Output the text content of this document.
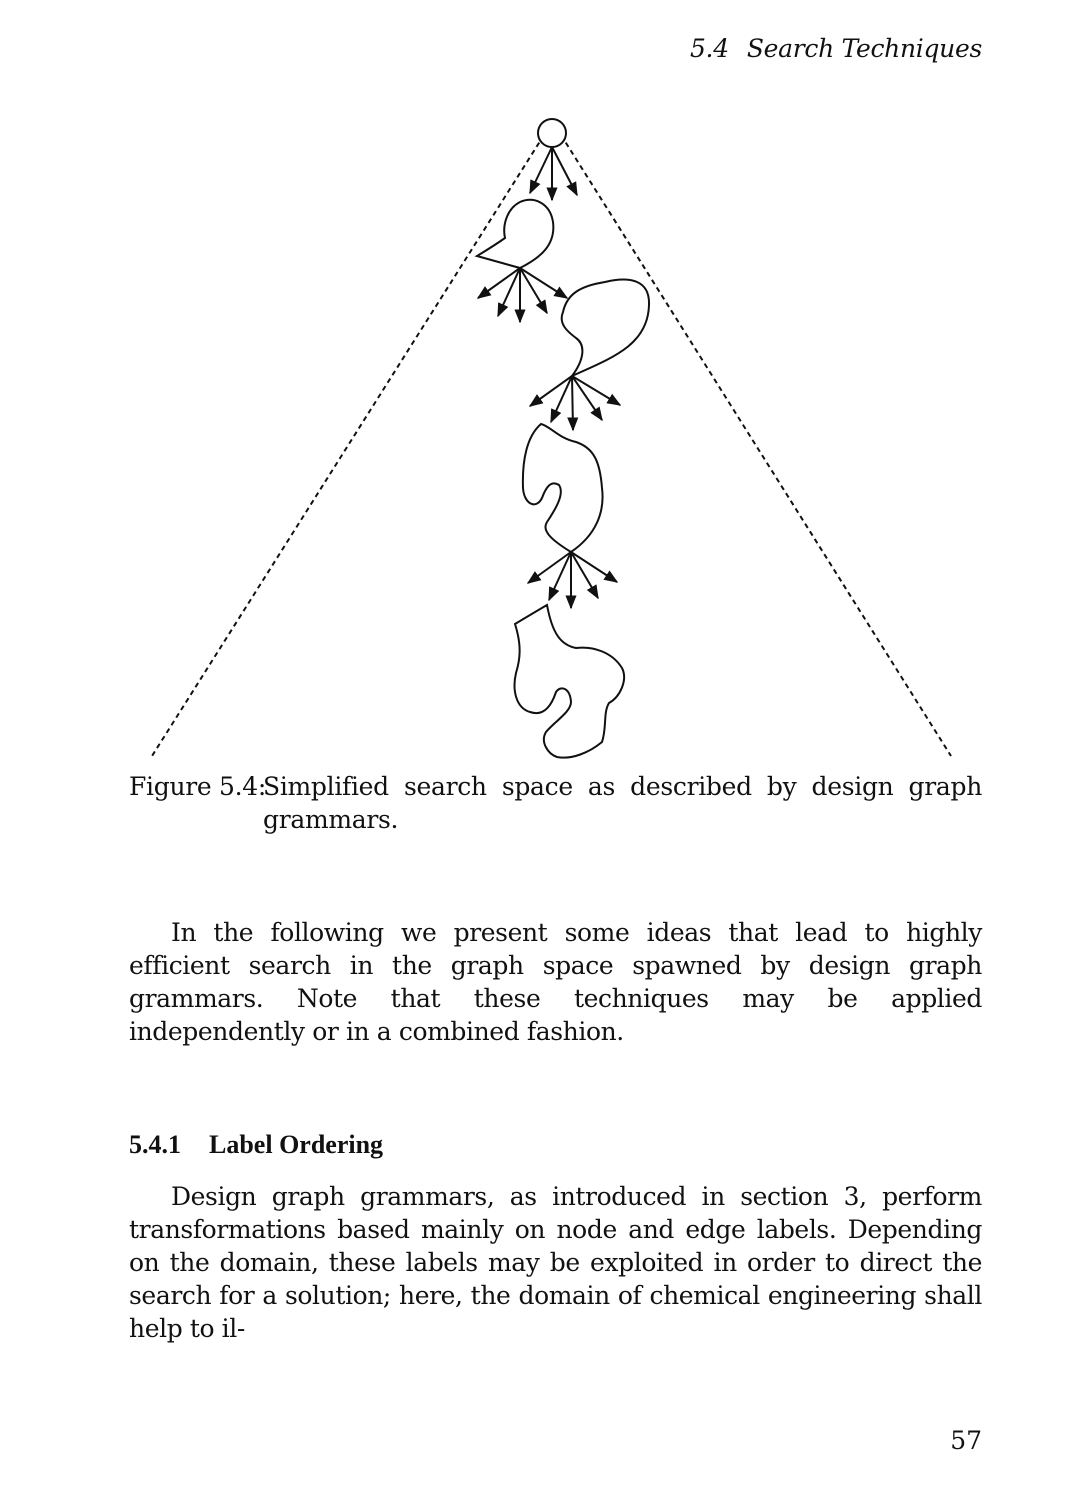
5.4 Search Techniques
Figure 5.4:
Simplified search space as described by design graph grammars.

In the following we present some ideas that lead to highly efficient search in the graph space spawned by design graph grammars. Note that these techniques may be applied independently or in a combined fashion.

5.4.1 Label Ordering

Design graph grammars, as introduced in section 3, perform transformations based mainly on node and edge labels. Depending on the domain, these labels may be exploited in order to direct the search for a solution; here, the domain of chemical engineering shall help to il-

57
